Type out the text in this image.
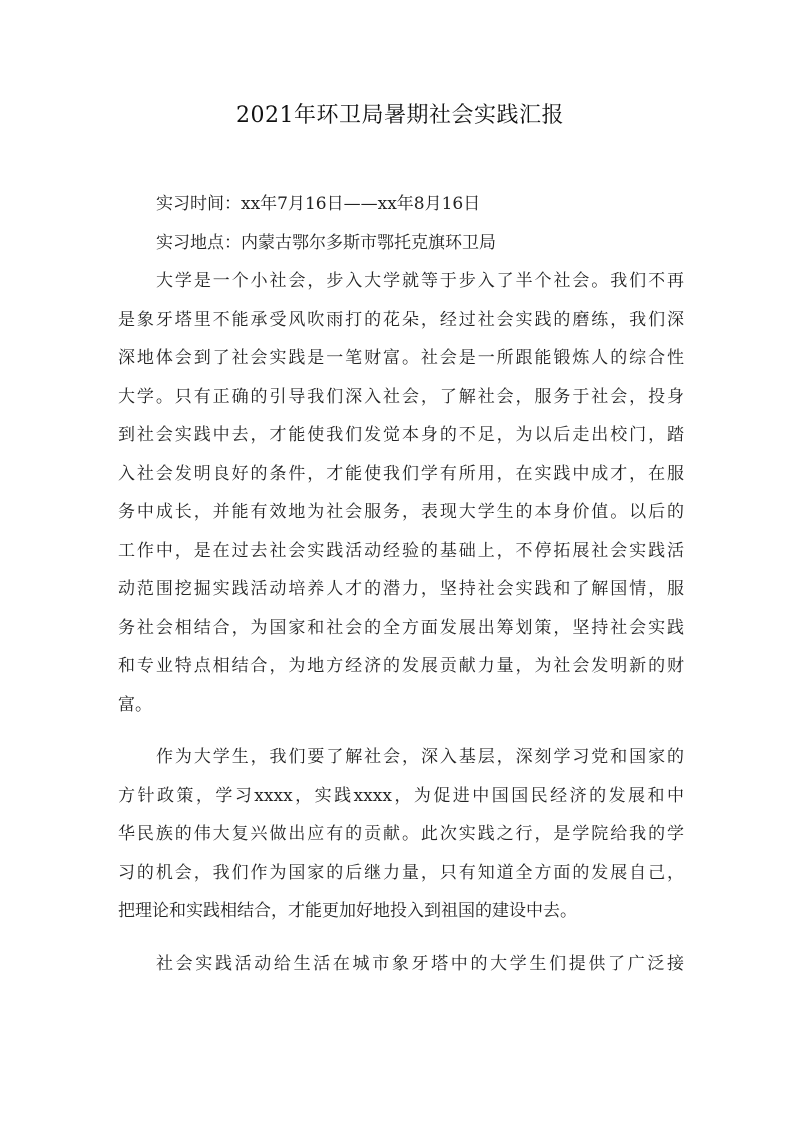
2021年环卫局暑期社会实践汇报
实习时间：xx年7月16日——xx年8月16日
实习地点：内蒙古鄂尔多斯市鄂托克旗环卫局
大学是一个小社会，步入大学就等于步入了半个社会。我们不再
是象牙塔里不能承受风吹雨打的花朵，经过社会实践的磨练，我们深
深地体会到了社会实践是一笔财富。社会是一所跟能锻炼人的综合性
大学。只有正确的引导我们深入社会，了解社会，服务于社会，投身
到社会实践中去，才能使我们发觉本身的不足，为以后走出校门，踏
入社会发明良好的条件，才能使我们学有所用，在实践中成才，在服
务中成长，并能有效地为社会服务，表现大学生的本身价值。以后的
工作中，是在过去社会实践活动经验的基础上，不停拓展社会实践活
动范围挖掘实践活动培养人才的潜力，坚持社会实践和了解国情，服
务社会相结合，为国家和社会的全方面发展出筹划策，坚持社会实践
和专业特点相结合，为地方经济的发展贡献力量，为社会发明新的财
富。
作为大学生，我们要了解社会，深入基层，深刻学习党和国家的
方针政策，学习xxxx，实践xxxx，为促进中国国民经济的发展和中
华民族的伟大复兴做出应有的贡献。此次实践之行，是学院给我的学
习的机会，我们作为国家的后继力量，只有知道全方面的发展自己，
把理论和实践相结合，才能更加好地投入到祖国的建设中去。
社会实践活动给生活在城市象牙塔中的大学生们提供了广泛接
